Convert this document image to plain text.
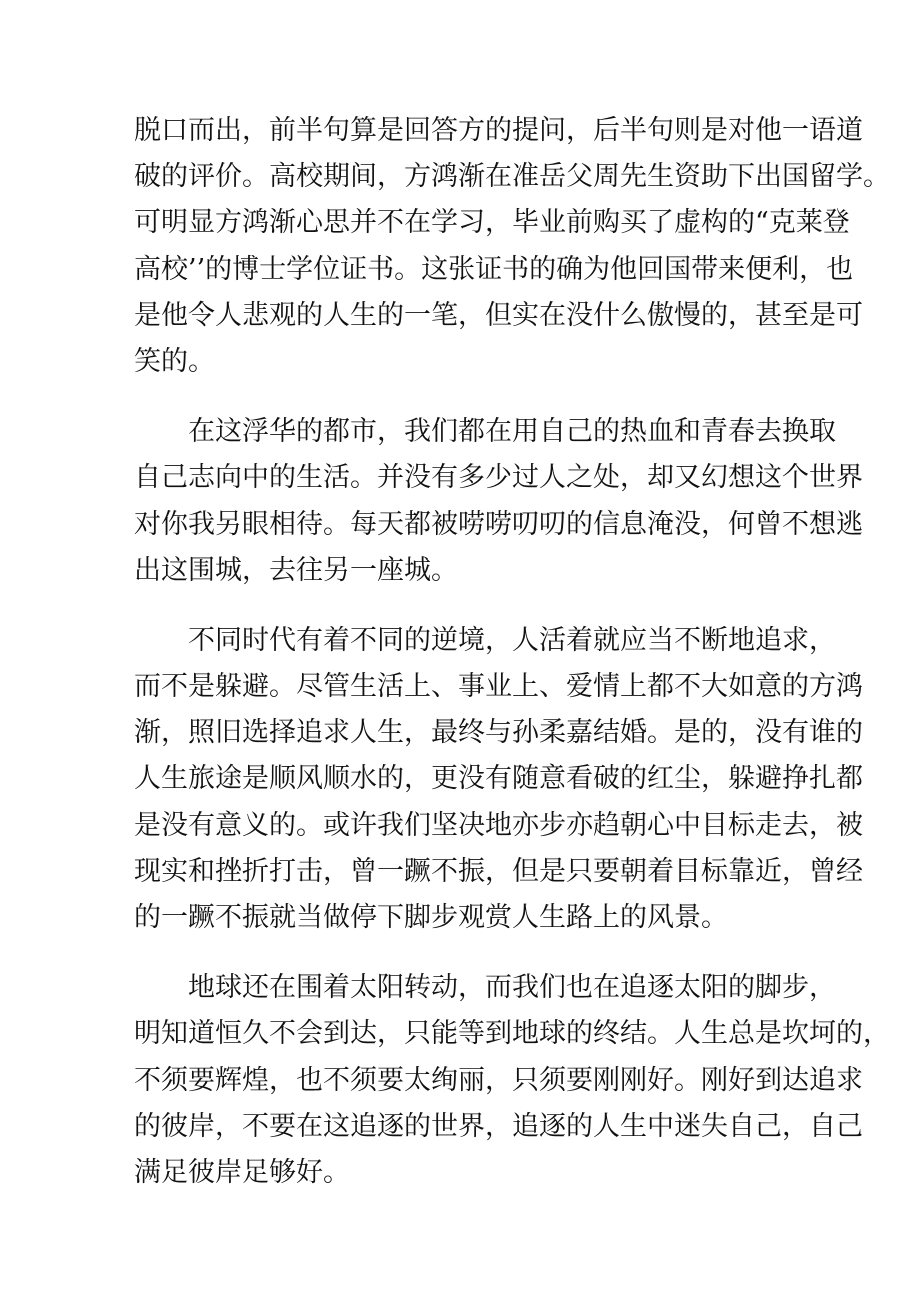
脱口而出，前半句算是回答方的提问，后半句则是对他一语道
破的评价。高校期间，方鸿渐在准岳父周先生资助下出国留学。
可明显方鸿渐心思并不在学习，毕业前购买了虚构的“克莱登
高校’’的博士学位证书。这张证书的确为他回国带来便利，也
是他令人悲观的人生的一笔，但实在没什么傲慢的，甚至是可
笑的。
在这浮华的都市，我们都在用自己的热血和青春去换取
自己志向中的生活。并没有多少过人之处，却又幻想这个世界
对你我另眼相待。每天都被唠唠叨叨的信息淹没，何曾不想逃
出这围城，去往另一座城。
不同时代有着不同的逆境，人活着就应当不断地追求，
而不是躲避。尽管生活上、事业上、爱情上都不大如意的方鸿
渐，照旧选择追求人生，最终与孙柔嘉结婚。是的，没有谁的
人生旅途是顺风顺水的，更没有随意看破的红尘，躲避挣扎都
是没有意义的。或许我们坚决地亦步亦趋朝心中目标走去，被
现实和挫折打击，曾一蹶不振，但是只要朝着目标靠近，曾经
的一蹶不振就当做停下脚步观赏人生路上的风景。
地球还在围着太阳转动，而我们也在追逐太阳的脚步，
明知道恒久不会到达，只能等到地球的终结。人生总是坎坷的，
不须要辉煌，也不须要太绚丽，只须要刚刚好。刚好到达追求
的彼岸，不要在这追逐的世界，追逐的人生中迷失自己，自己
满足彼岸足够好。
